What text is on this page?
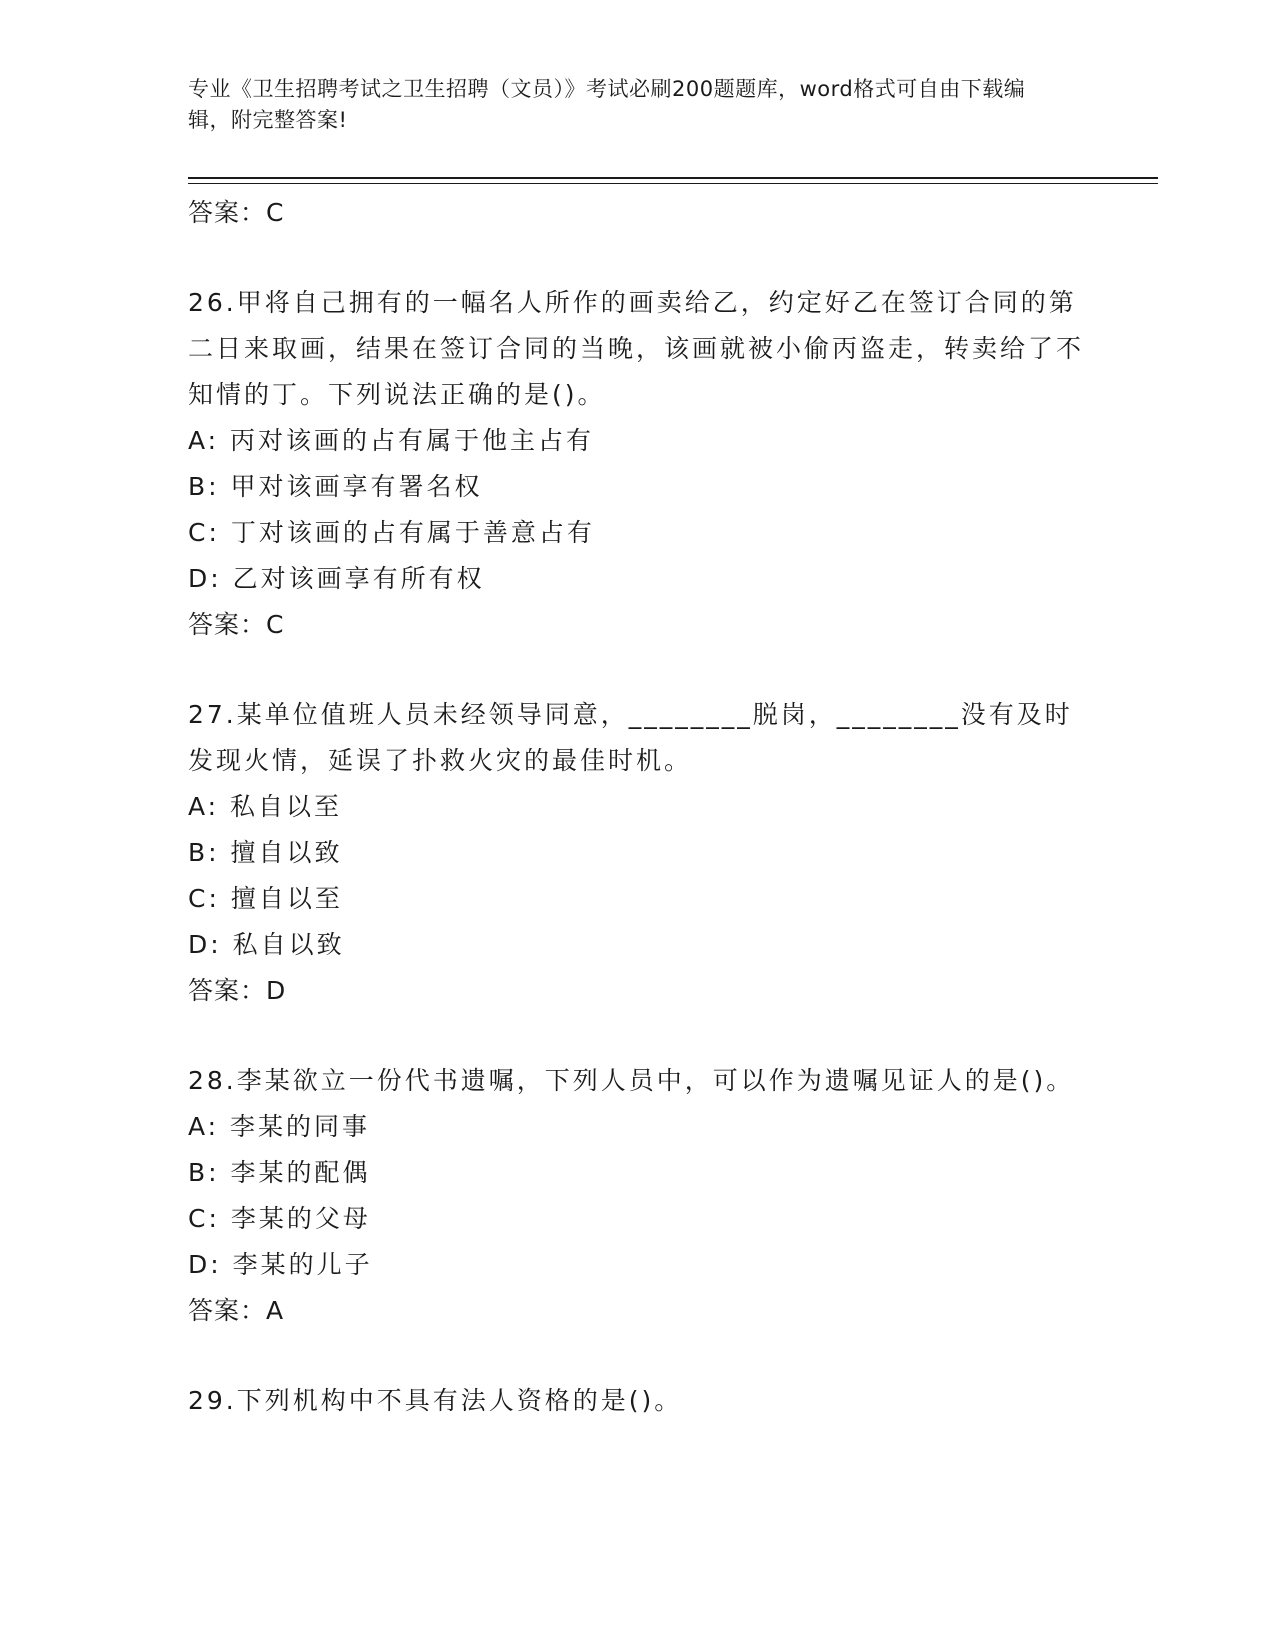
专业《卫生招聘考试之卫生招聘（文员）》考试必刷200题题库，word格式可自由下载编辑，附完整答案!
答案：C

26.甲将自己拥有的一幅名人所作的画卖给乙，约定好乙在签订合同的第二日来取画，结果在签订合同的当晚，该画就被小偷丙盗走，转卖给了不知情的丁。下列说法正确的是()。

A: 丙对该画的占有属于他主占有
B: 甲对该画享有署名权
C: 丁对该画的占有属于善意占有
D: 乙对该画享有所有权
答案：C

27.某单位值班人员未经领导同意，________脱岗，________没有及时发现火情，延误了扑救火灾的最佳时机。

A: 私自以至
B: 擅自以致
C: 擅自以至
D: 私自以致
答案：D

28.李某欲立一份代书遗嘱，下列人员中，可以作为遗嘱见证人的是()。

A: 李某的同事
B: 李某的配偶
C: 李某的父母
D: 李某的儿子
答案：A

29.下列机构中不具有法人资格的是()。
